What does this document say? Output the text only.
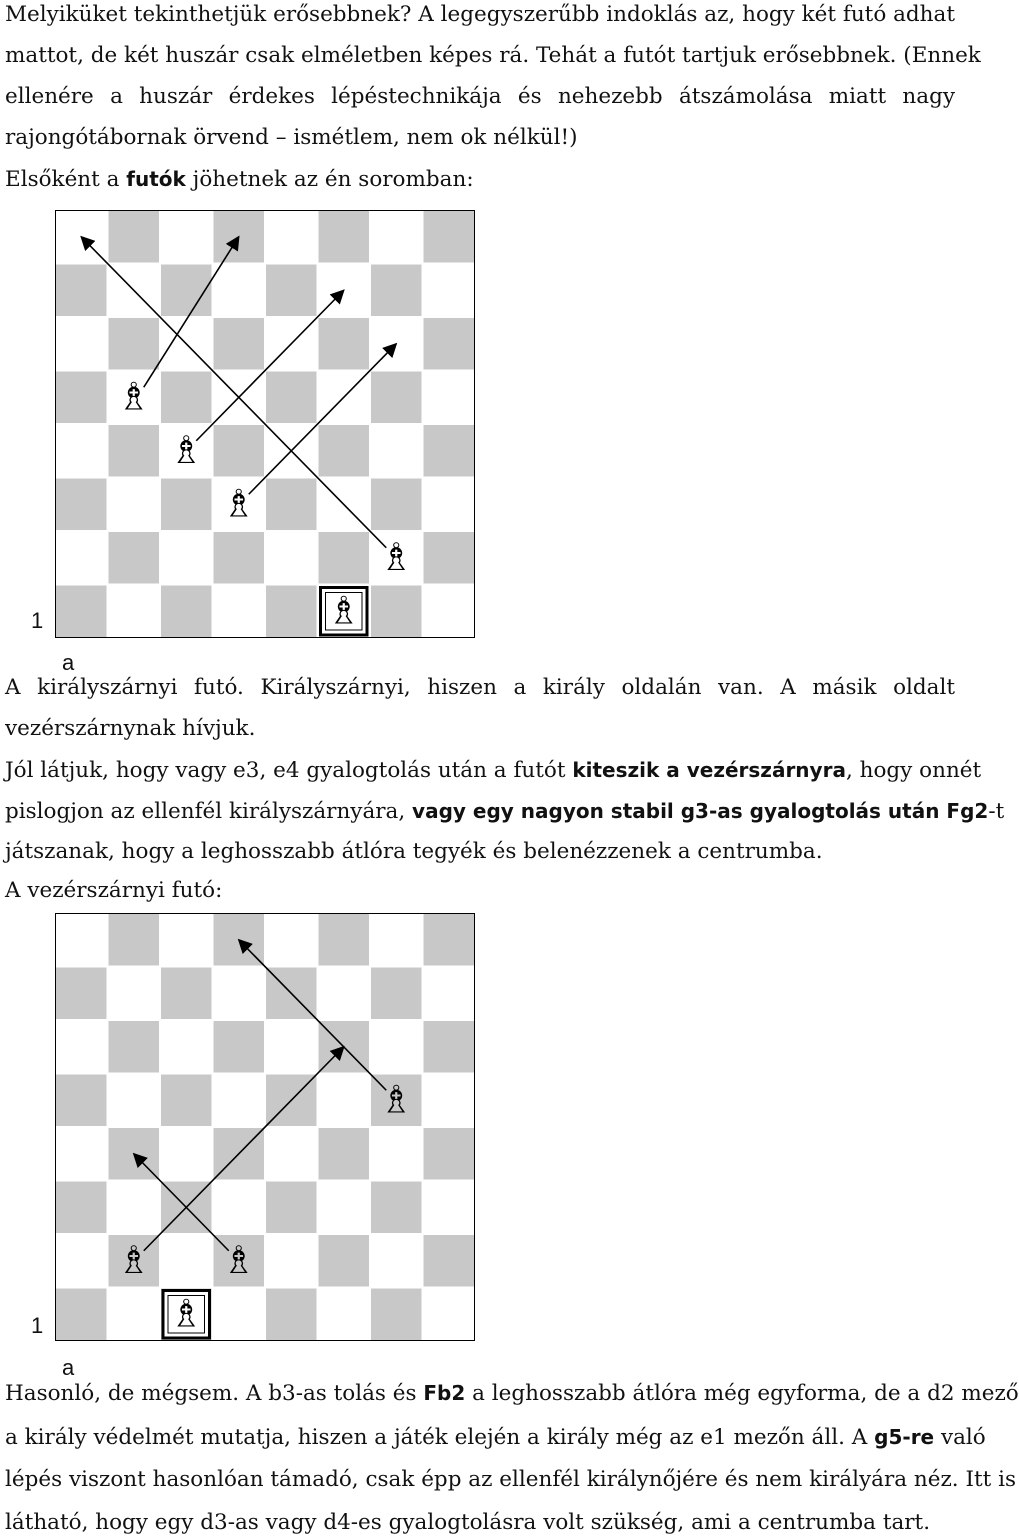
Melyiküket tekinthetjük erősebbnek? A legegyszerűbb indoklás az, hogy két futó adhat
mattot, de két huszár csak elméletben képes rá. Tehát a futót tartjuk erősebbnek. (Ennek
ellenére a huszár érdekes lépéstechnikája és nehezebb átszámolása miatt nagy
rajongótábornak örvend – ismétlem, nem ok nélkül!)
Elsőként a futók jöhetnek az én soromban:
♗
♗
♗
♗
♗
1
a
A királyszárnyi futó. Királyszárnyi, hiszen a király oldalán van. A másik oldalt
vezérszárnynak hívjuk.
Jól látjuk, hogy vagy e3, e4 gyalogtolás után a futót kiteszik a vezérszárnyra, hogy onnét
pislogjon az ellenfél királyszárnyára, vagy egy nagyon stabil g3-as gyalogtolás után Fg2-t
játszanak, hogy a leghosszabb átlóra tegyék és belenézzenek a centrumba.
A vezérszárnyi futó:
♗
♗ ♗
♗
1
a
Hasonló, de mégsem. A b3-as tolás és Fb2 a leghosszabb átlóra még egyforma, de a d2 mező
a király védelmét mutatja, hiszen a játék elején a király még az e1 mezőn áll. A g5-re való
lépés viszont hasonlóan támadó, csak épp az ellenfél királynőjére és nem királyára néz. Itt is
látható, hogy egy d3-as vagy d4-es gyalogtolásra volt szükség, ami a centrumba tart.
